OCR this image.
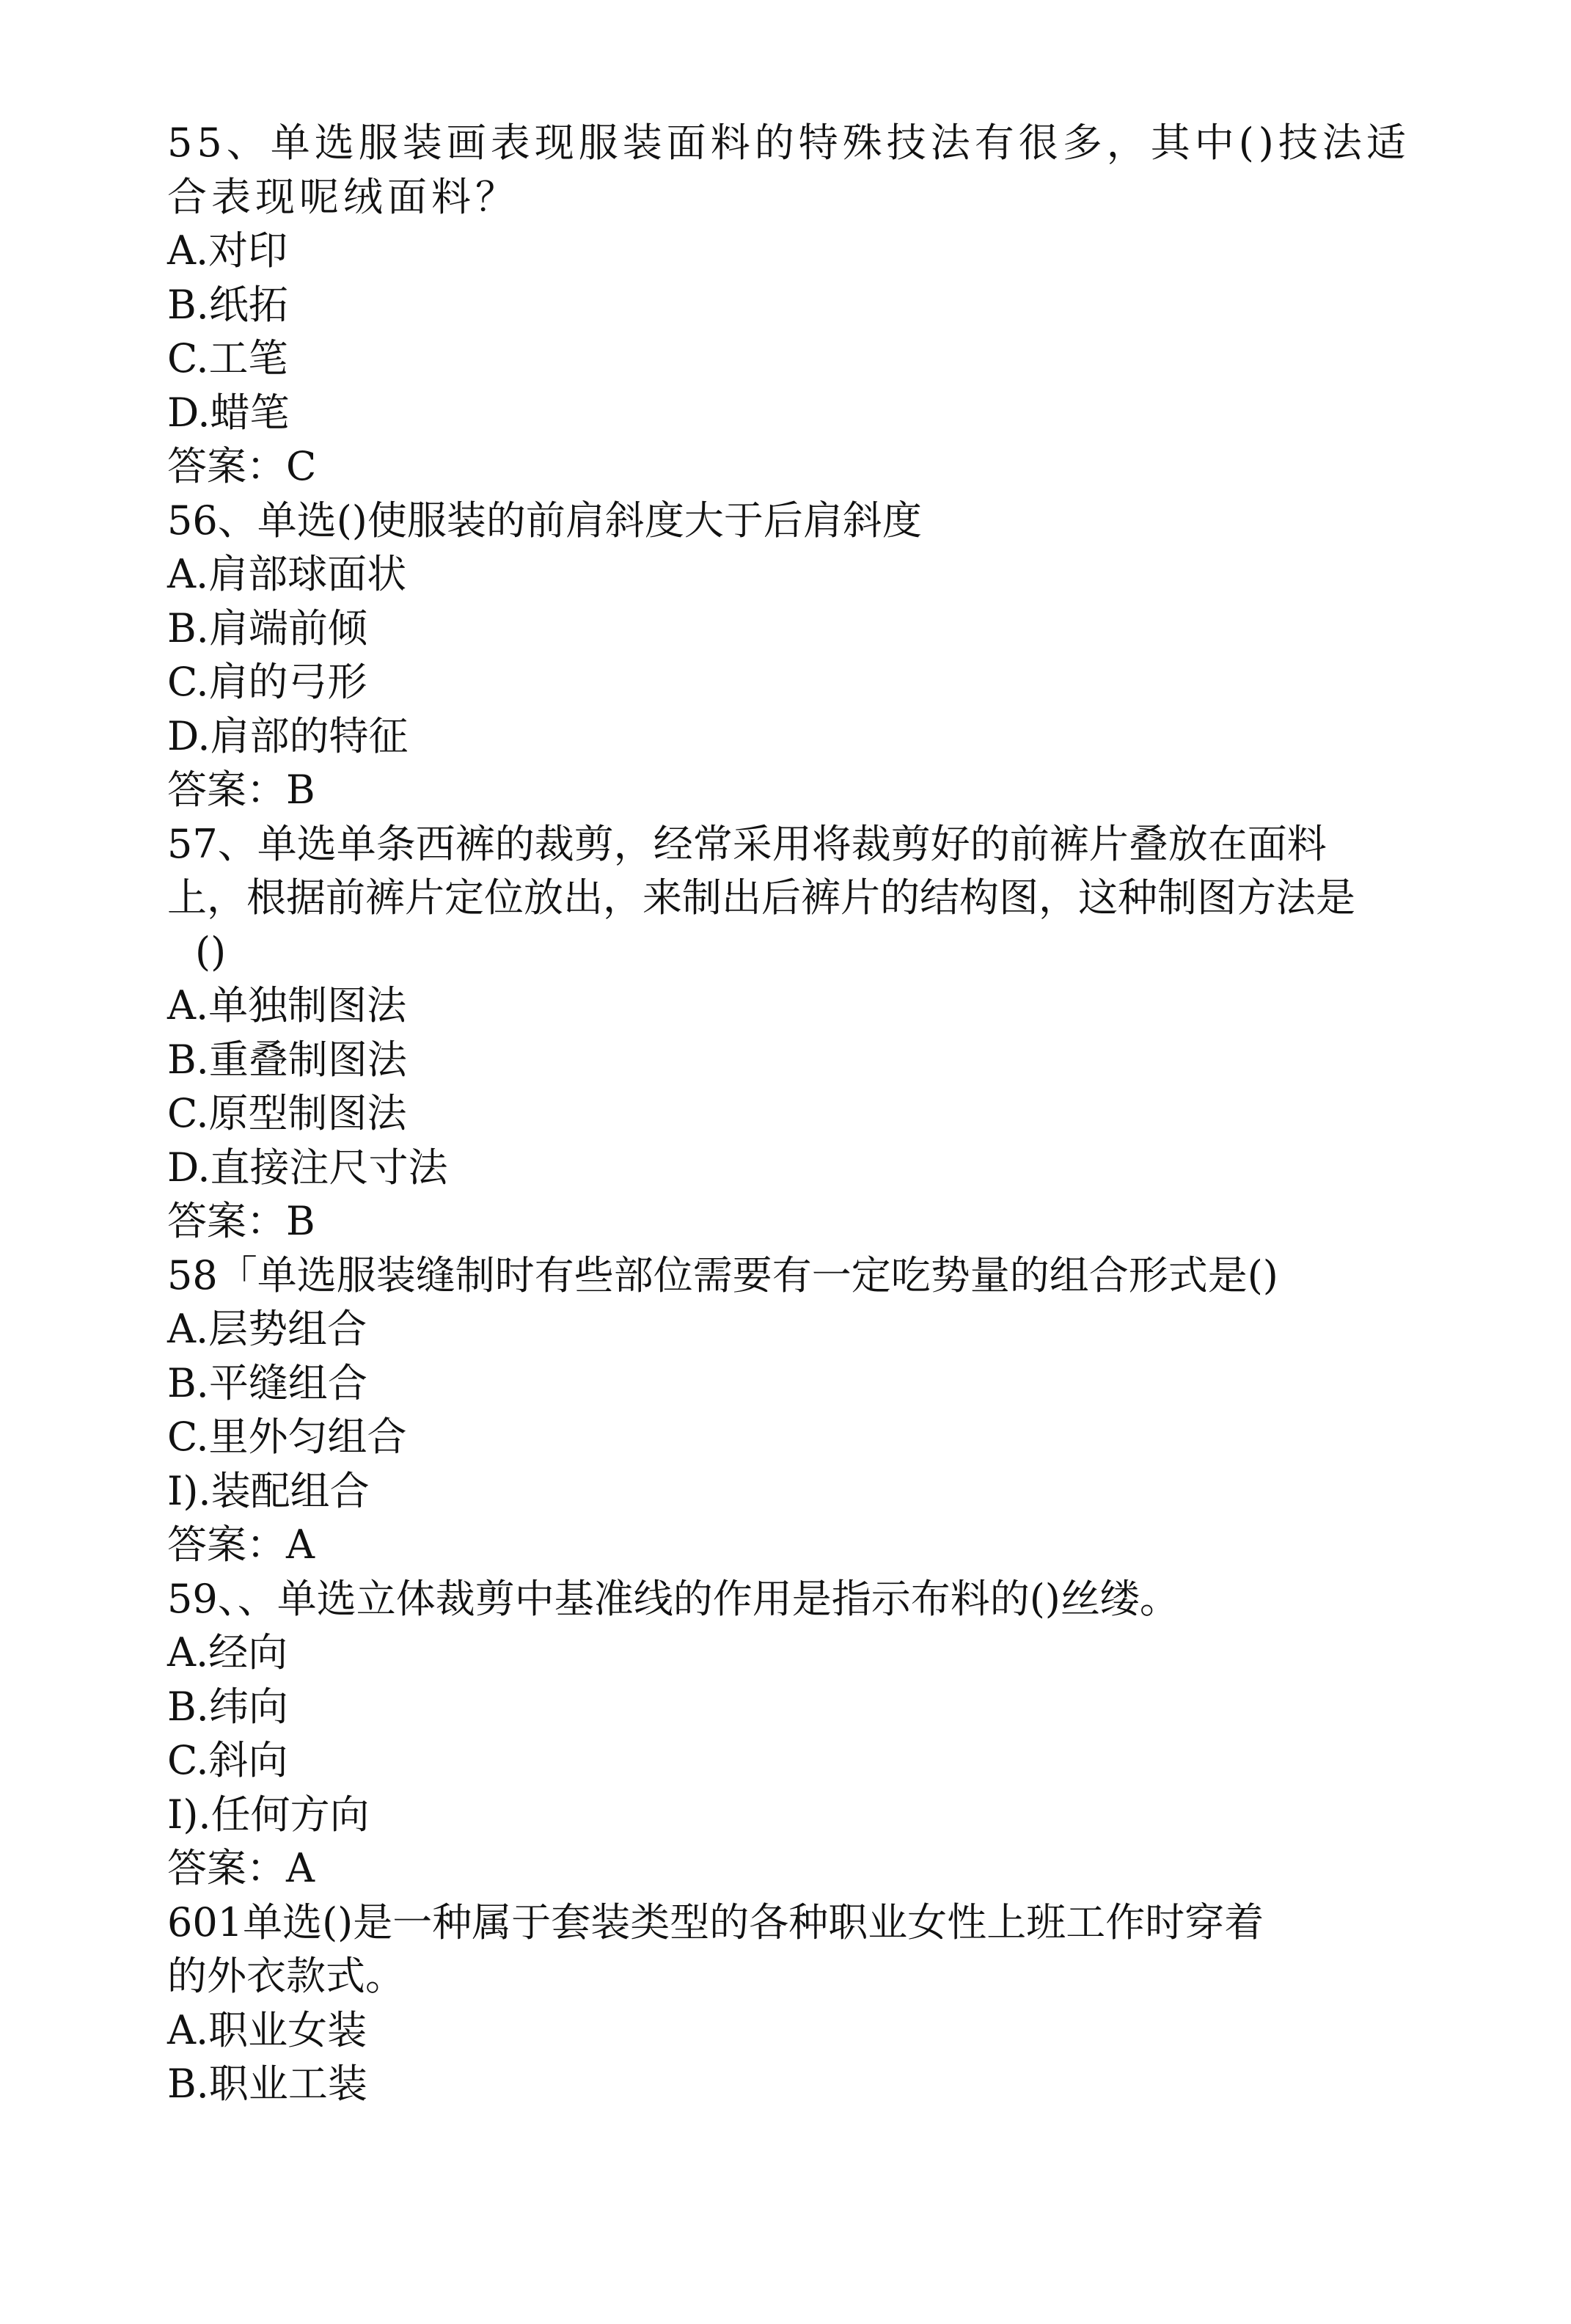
55、单选服装画表现服装面料的特殊技法有很多，其中()技法适
合表现呢绒面料？
A.对印
B.纸拓
C.工笔
D.蜡笔
答案：C
56、单选()使服装的前肩斜度大于后肩斜度
A.肩部球面状
B.肩端前倾
C.肩的弓形
D.肩部的特征
答案：B
57、单选单条西裤的裁剪，经常采用将裁剪好的前裤片叠放在面料
上，根据前裤片定位放出，来制出后裤片的结构图，这种制图方法是
()
A.单独制图法
B.重叠制图法
C.原型制图法
D.直接注尺寸法
答案：B
58「单选服装缝制时有些部位需要有一定吃势量的组合形式是()
A.层势组合
B.平缝组合
C.里外匀组合
I).装配组合
答案：A
59、、单选立体裁剪中基准线的作用是指示布料的()丝缕。
A.经向
B.纬向
C.斜向
I).任何方向
答案：A
601单选()是一种属于套装类型的各种职业女性上班工作时穿着
的外衣款式。
A.职业女装
B.职业工装
